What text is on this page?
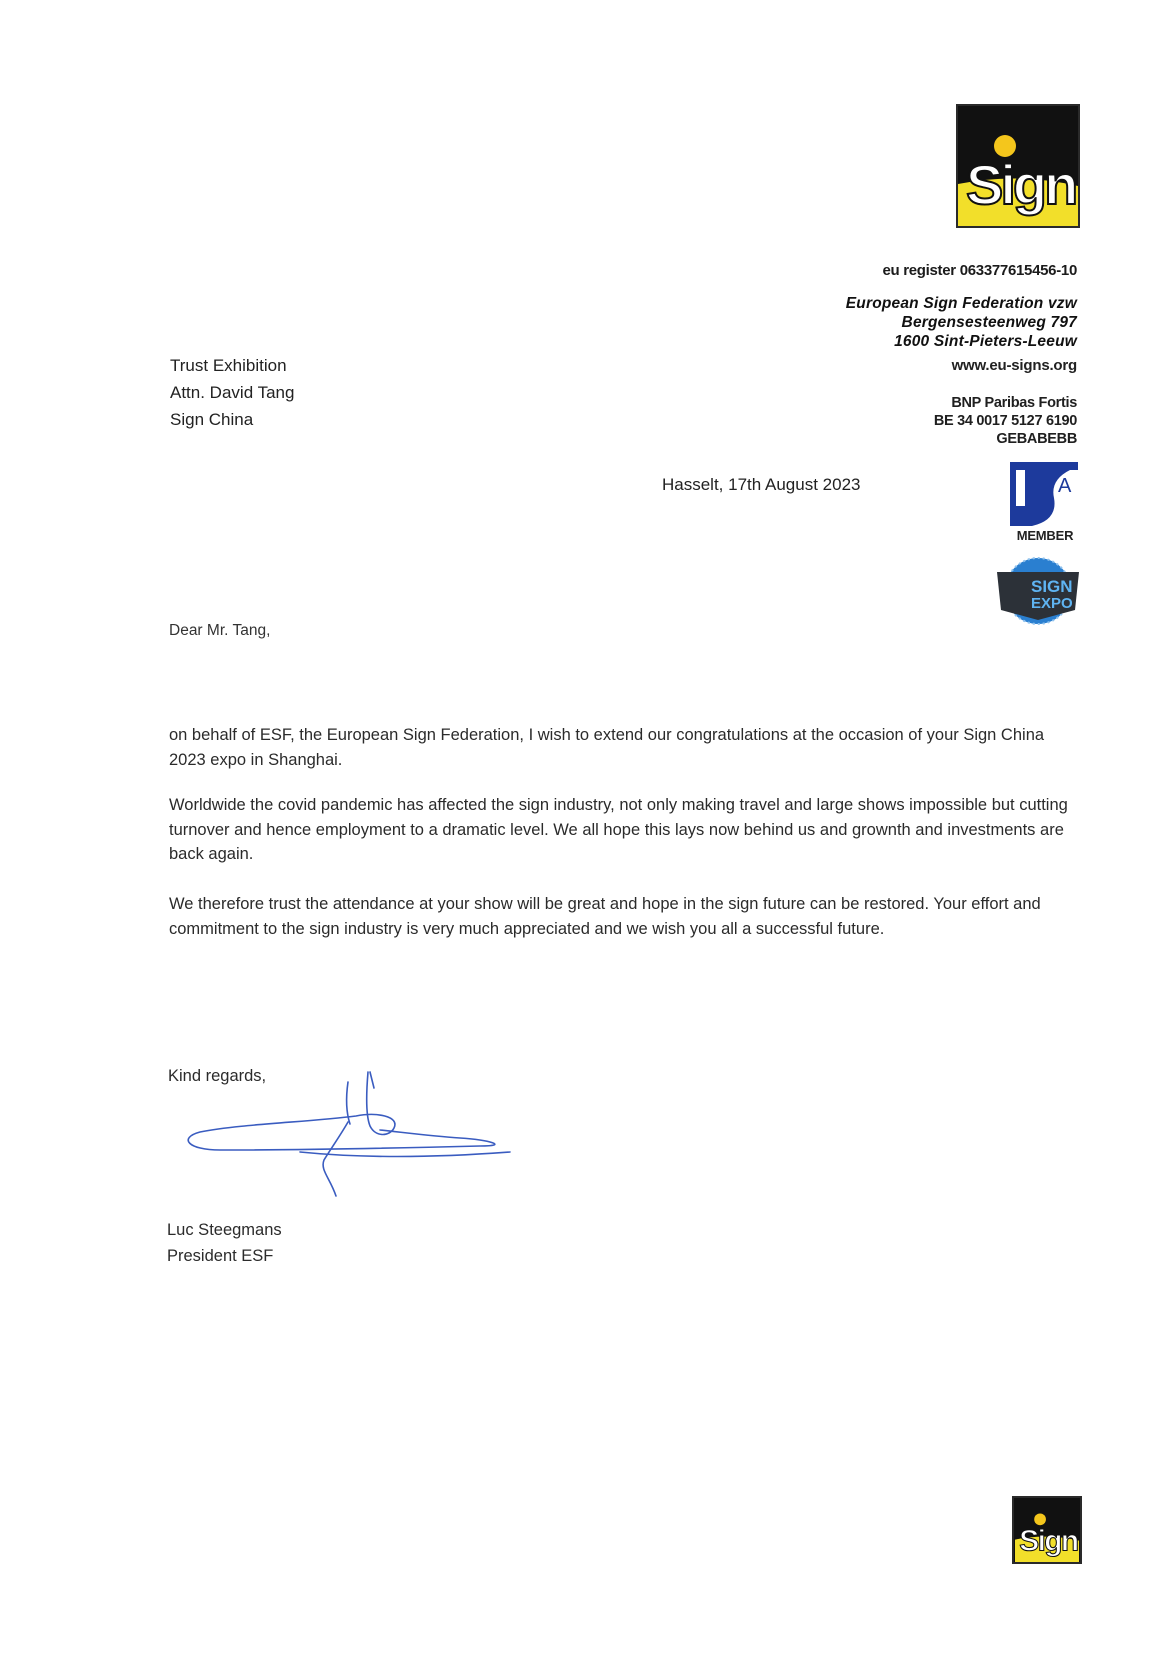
Sign
eu register 063377615456-10
European Sign Federation vzw
Bergensesteenweg 797
1600 Sint-Pieters-Leeuw
www.eu-signs.org
BNP Paribas Fortis
BE 34 0017 5127 6190
GEBABEBB
A
MEMBER
SIGN
EXPO
Trust Exhibition
Attn. David Tang
Sign China
Hasselt, 17th August 2023
Dear Mr. Tang,
on behalf of ESF, the European Sign Federation, I wish to extend our congratulations at the occasion of your Sign China 2023 expo in Shanghai.
Worldwide the covid pandemic has affected the sign industry, not only making travel and large shows impossible but cutting turnover and hence employment to a dramatic level. We all hope this lays now behind us and grownth and investments are back again.
We therefore trust the attendance at your show will be great and hope in the sign future can be restored. Your effort and commitment to the sign industry is very much appreciated and we wish you all a successful future.
Kind regards,
Luc Steegmans
President ESF
Sign
